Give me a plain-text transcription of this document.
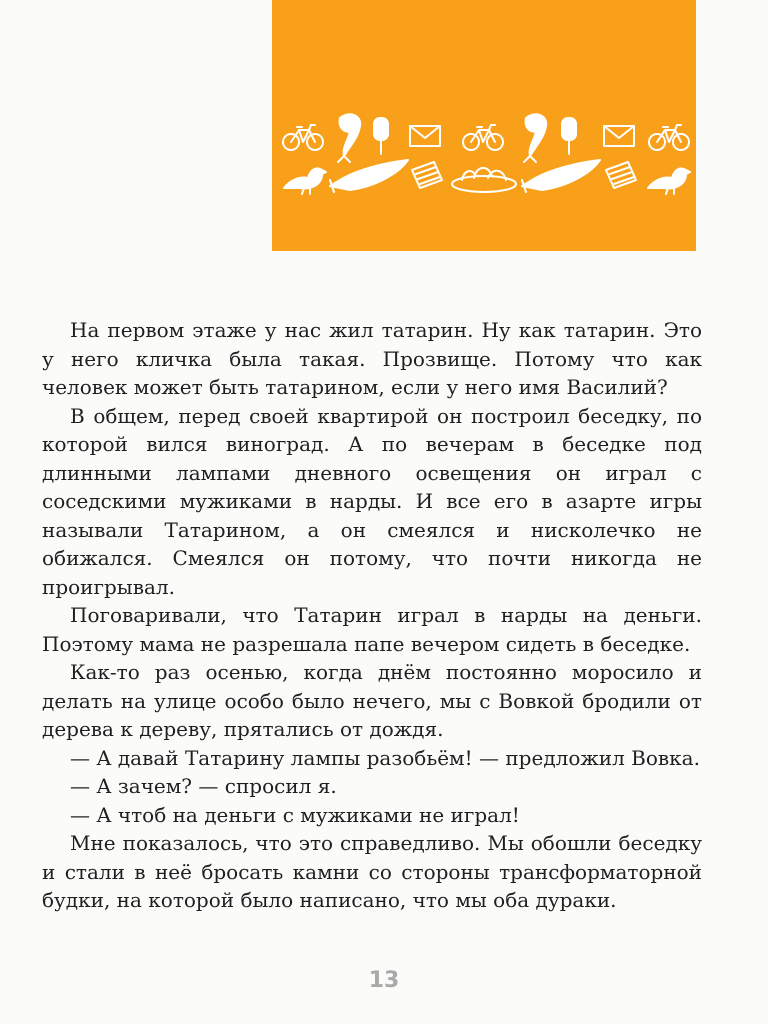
На первом этаже у нас жил татарин. Ну как татарин. Это у него кличка была такая. Прозвище. Потому что как человек может быть татарином, если у него имя Василий?

В общем, перед своей квартирой он построил беседку, по которой вился виноград. А по вечерам в беседке под длинными лампами дневного освещения он играл с соседскими мужиками в нарды. И все его в азарте игры называли Татарином, а он смеялся и нисколечко не обижался. Смеялся он потому, что почти никогда не проигрывал.

Поговаривали, что Татарин играл в нарды на деньги. Поэтому мама не разрешала папе вечером сидеть в беседке.

Как-то раз осенью, когда днём постоянно моросило и делать на улице особо было нечего, мы с Вовкой бродили от дерева к дереву, прятались от дождя.

— А давай Татарину лампы разобьём! — предложил Вовка.

— А зачем? — спросил я.

— А чтоб на деньги с мужиками не играл!

Мне показалось, что это справедливо. Мы обошли беседку и стали в неё бросать камни со стороны трансформаторной будки, на которой было написано, что мы оба дураки.

13
